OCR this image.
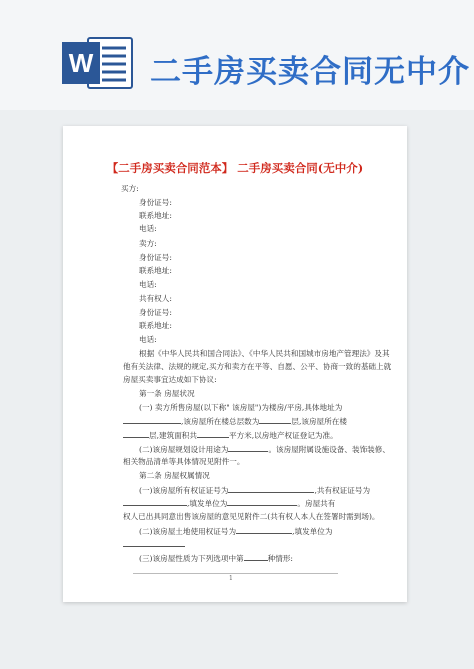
W 二手房买卖合同无中介
【二手房买卖合同范本】 二手房买卖合同(无中介)
买方:
身份证号:
联系地址:
电话:
卖方:
身份证号:
联系地址:
电话:
共有权人:
身份证号:
联系地址:
电话:
根据《中华人民共和国合同法》、《中华人民共和国城市房地产管理法》及其
他有关法律、法规的规定,买方和卖方在平等、自愿、公平、协商一致的基础上就
房屋买卖事宜达成如下协议:
第一条 房屋状况
(一) 卖方所售房屋(以下称" 该房屋")为楼房/平房,具体地址为
,该房屋所在楼总层数为	层,该房屋所在楼
层,建筑面积共	平方米,以房地产权证登记为准。
(二)该房屋规划设计用途为	。该房屋附属设施设备、装饰装修、
相关物品清单等具体情况见附件一。
第二条 房屋权属情况
(一)该房屋所有权证证号为	,共有权证证号为
,填发单位为	。房屋共有
权人已出具同意出售该房屋的意见见附件二(共有权人本人在签署时需到场)。
(二)该房屋土地使用权证号为	,填发单位为
(三)该房屋性质为下列选项中第	种情形:
1
